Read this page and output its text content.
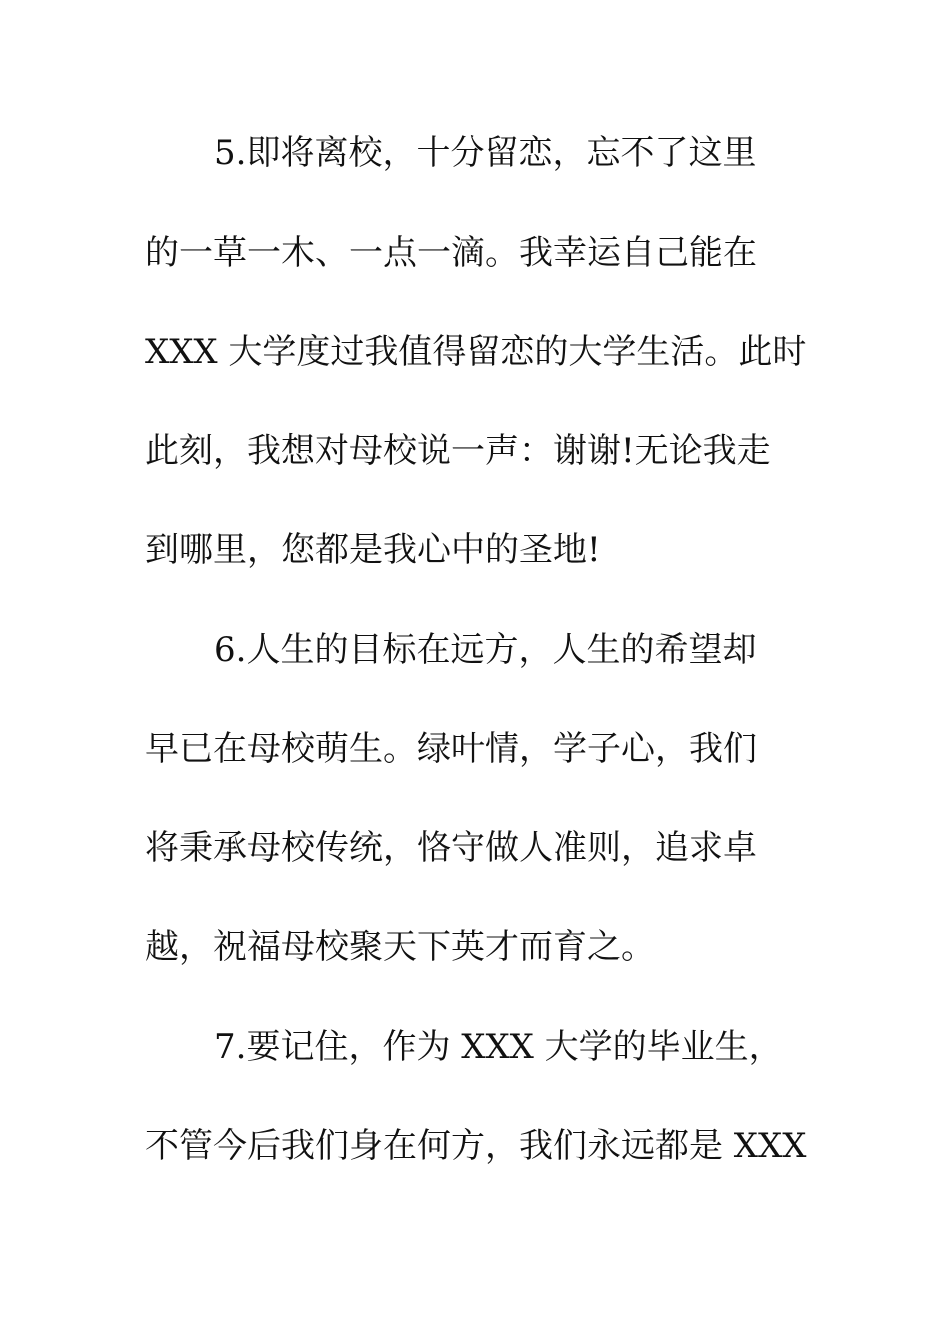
5.即将离校，十分留恋，忘不了这里
的一草一木、一点一滴。我幸运自己能在
XXX 大学度过我值得留恋的大学生活。此时
此刻，我想对母校说一声：谢谢!无论我走
到哪里，您都是我心中的圣地!
6.人生的目标在远方，人生的希望却
早已在母校萌生。绿叶情，学子心，我们
将秉承母校传统，恪守做人准则，追求卓
越，祝福母校聚天下英才而育之。
7.要记住，作为 XXX 大学的毕业生，
不管今后我们身在何方，我们永远都是 XXX
